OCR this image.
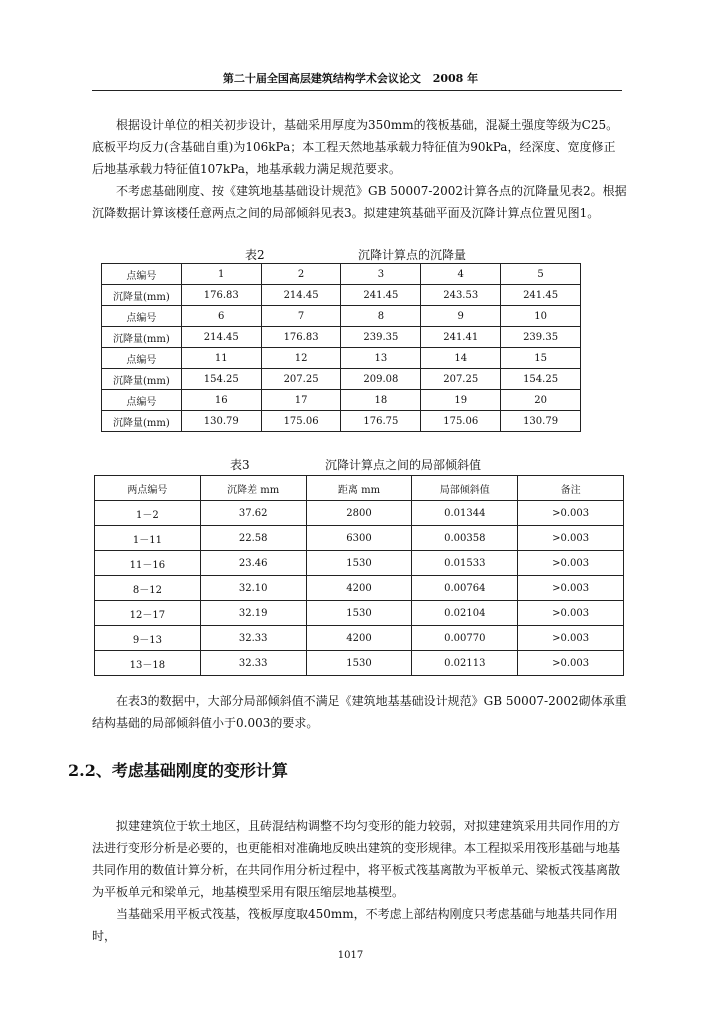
第二十届全国高层建筑结构学术会议论文 2008 年

根据设计单位的相关初步设计，基础采用厚度为350mm的筏板基础，混凝土强度等级为C25。底板平均反力(含基础自重)为106kPa；本工程天然地基承载力特征值为90kPa，经深度、宽度修正后地基承载力特征值107kPa，地基承载力满足规范要求。

不考虑基础刚度、按《建筑地基基础设计规范》GB 50007-2002计算各点的沉降量见表2。根据沉降数据计算该楼任意两点之间的局部倾斜见表3。拟建建筑基础平面及沉降计算点位置见图1。

表2	沉降计算点的沉降量
点编号	1	2	3	4	5
沉降量(mm)	176.83	214.45	241.45	243.53	241.45
点编号	6	7	8	9	10
沉降量(mm)	214.45	176.83	239.35	241.41	239.35
点编号	11	12	13	14	15
沉降量(mm)	154.25	207.25	209.08	207.25	154.25
点编号	16	17	18	19	20
沉降量(mm)	130.79	175.06	176.75	175.06	130.79
表3	沉降计算点之间的局部倾斜值
两点编号	沉降差 mm	距离 mm	局部倾斜值	备注
1－2	37.62	2800	0.01344	>0.003
1－11	22.58	6300	0.00358	>0.003
11－16	23.46	1530	0.01533	>0.003
8－12	32.10	4200	0.00764	>0.003
12－17	32.19	1530	0.02104	>0.003
9－13	32.33	4200	0.00770	>0.003
13－18	32.33	1530	0.02113	>0.003

在表3的数据中，大部分局部倾斜值不满足《建筑地基基础设计规范》GB 50007-2002砌体承重结构基础的局部倾斜值小于0.003的要求。

2.2、考虑基础刚度的变形计算

拟建建筑位于软土地区，且砖混结构调整不均匀变形的能力较弱，对拟建建筑采用共同作用的方法进行变形分析是必要的，也更能相对准确地反映出建筑的变形规律。本工程拟采用筏形基础与地基共同作用的数值计算分析，在共同作用分析过程中，将平板式筏基离散为平板单元、梁板式筏基离散为平板单元和梁单元，地基模型采用有限压缩层地基模型。

当基础采用平板式筏基，筏板厚度取450mm，不考虑上部结构刚度只考虑基础与地基共同作用时，

1017
